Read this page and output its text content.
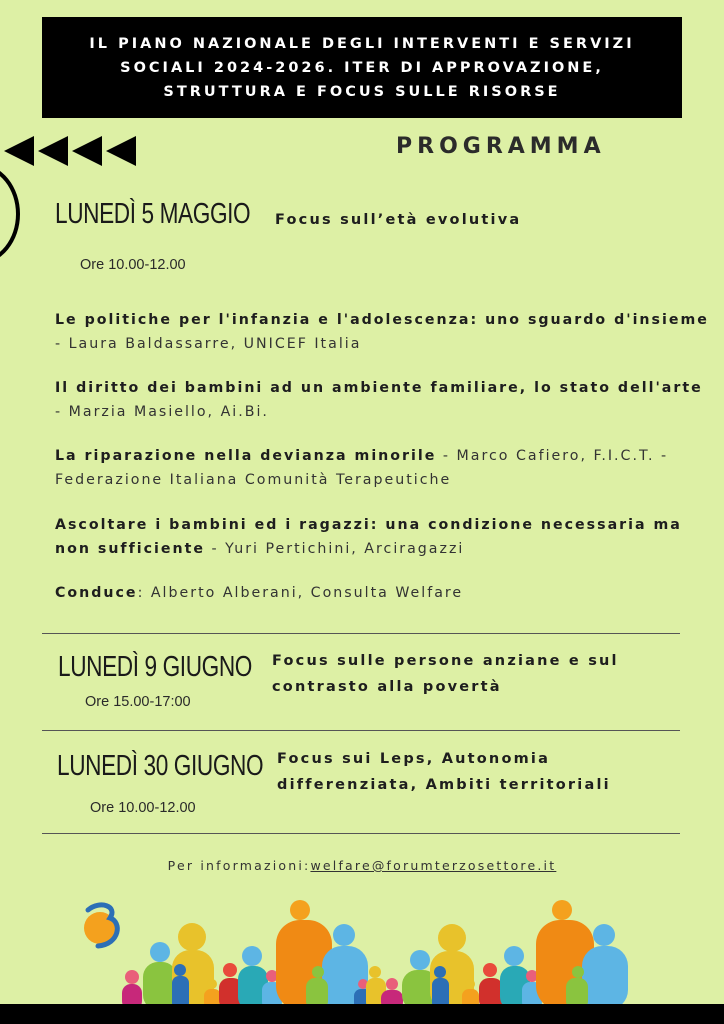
IL PIANO NAZIONALE DEGLI INTERVENTI E SERVIZI SOCIALI 2024-2026. ITER DI APPROVAZIONE, STRUTTURA E FOCUS SULLE RISORSE
PROGRAMMA
LUNEDÌ 5 MAGGIO
Ore 10.00-12.00
Focus sull’età evolutiva
Le politiche per l'infanzia e l'adolescenza: uno sguardo d'insieme - Laura Baldassarre, UNICEF Italia
Il diritto dei bambini ad un ambiente familiare, lo stato dell'arte - Marzia Masiello, Ai.Bi.
La riparazione nella devianza minorile - Marco Cafiero, F.I.C.T. - Federazione Italiana Comunità Terapeutiche
Ascoltare i bambini ed i ragazzi: una condizione necessaria ma non sufficiente - Yuri Pertichini, Arciragazzi
Conduce: Alberto Alberani, Consulta Welfare
LUNEDÌ 9 GIUGNO
Ore 15.00-17:00
Focus sulle persone anziane e sul contrasto alla povertà
LUNEDÌ 30 GIUGNO
Ore 10.00-12.00
Focus sui Leps, Autonomia differenziata, Ambiti territoriali
Per informazioni:welfare@forumterzosettore.it
